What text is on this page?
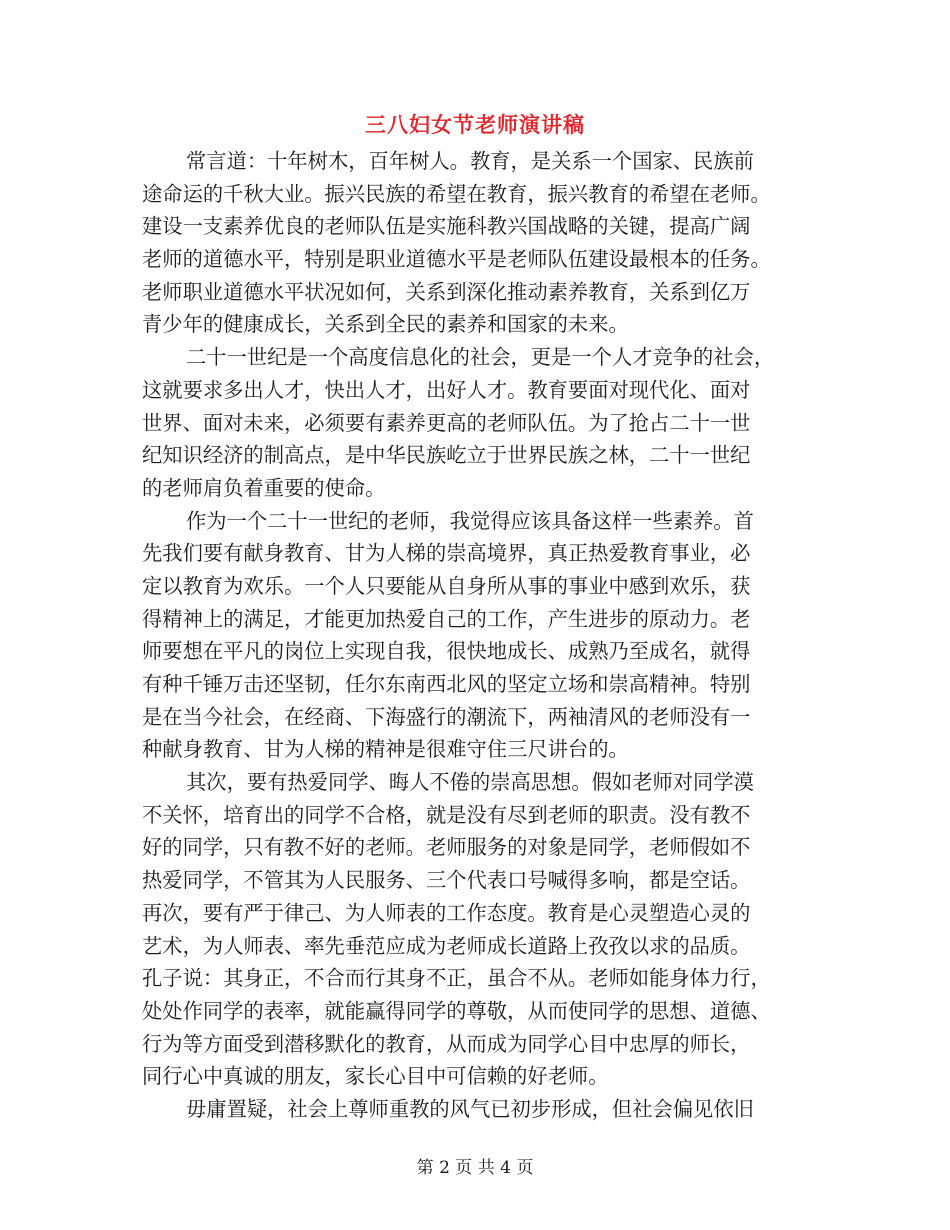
三八妇女节老师演讲稿
常言道：十年树木，百年树人。教育，是关系一个国家、民族前
途命运的千秋大业。振兴民族的希望在教育，振兴教育的希望在老师。
建设一支素养优良的老师队伍是实施科教兴国战略的关键，提高广阔
老师的道德水平，特别是职业道德水平是老师队伍建设最根本的任务。
老师职业道德水平状况如何，关系到深化推动素养教育，关系到亿万
青少年的健康成长，关系到全民的素养和国家的未来。
二十一世纪是一个高度信息化的社会，更是一个人才竞争的社会，
这就要求多出人才，快出人才，出好人才。教育要面对现代化、面对
世界、面对未来，必须要有素养更高的老师队伍。为了抢占二十一世
纪知识经济的制高点，是中华民族屹立于世界民族之林，二十一世纪
的老师肩负着重要的使命。
作为一个二十一世纪的老师，我觉得应该具备这样一些素养。首
先我们要有献身教育、甘为人梯的崇高境界，真正热爱教育事业，必
定以教育为欢乐。一个人只要能从自身所从事的事业中感到欢乐，获
得精神上的满足，才能更加热爱自己的工作，产生进步的原动力。老
师要想在平凡的岗位上实现自我，很快地成长、成熟乃至成名，就得
有种千锤万击还坚韧，任尔东南西北风的坚定立场和崇高精神。特别
是在当今社会，在经商、下海盛行的潮流下，两袖清风的老师没有一
种献身教育、甘为人梯的精神是很难守住三尺讲台的。
其次，要有热爱同学、晦人不倦的崇高思想。假如老师对同学漠
不关怀，培育出的同学不合格，就是没有尽到老师的职责。没有教不
好的同学，只有教不好的老师。老师服务的对象是同学，老师假如不
热爱同学，不管其为人民服务、三个代表口号喊得多响，都是空话。
再次，要有严于律己、为人师表的工作态度。教育是心灵塑造心灵的
艺术，为人师表、率先垂范应成为老师成长道路上孜孜以求的品质。
孔子说：其身正，不合而行其身不正，虽合不从。老师如能身体力行，
处处作同学的表率，就能赢得同学的尊敬，从而使同学的思想、道德、
行为等方面受到潜移默化的教育，从而成为同学心目中忠厚的师长，
同行心中真诚的朋友，家长心目中可信赖的好老师。
毋庸置疑，社会上尊师重教的风气已初步形成，但社会偏见依旧
第 2 页 共 4 页
